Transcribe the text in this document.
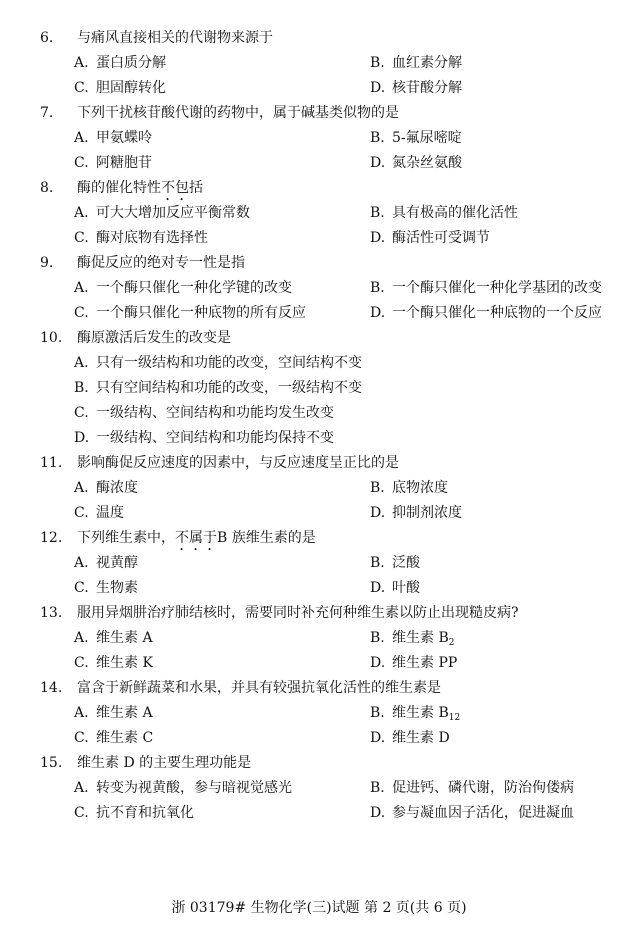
6.	与痛风直接相关的代谢物来源于
A. 蛋白质分解	B. 血红素分解
C. 胆固醇转化	D. 核苷酸分解
7.	下列干扰核苷酸代谢的药物中，属于碱基类似物的是
A. 甲氨蝶呤	B. 5-氟尿嘧啶
C. 阿糖胞苷	D. 氮杂丝氨酸
8.	酶的催化特性不包括
A. 可大大增加反应平衡常数	B. 具有极高的催化活性
C. 酶对底物有选择性	D. 酶活性可受调节
9.	酶促反应的绝对专一性是指
A. 一个酶只催化一种化学键的改变	B. 一个酶只催化一种化学基团的改变
C. 一个酶只催化一种底物的所有反应	D. 一个酶只催化一种底物的一个反应
10.	酶原激活后发生的改变是
A. 只有一级结构和功能的改变，空间结构不变
B. 只有空间结构和功能的改变，一级结构不变
C. 一级结构、空间结构和功能均发生改变
D. 一级结构、空间结构和功能均保持不变
11.	影响酶促反应速度的因素中，与反应速度呈正比的是
A. 酶浓度	B. 底物浓度
C. 温度	D. 抑制剂浓度
12.	下列维生素中，不属于B 族维生素的是
A. 视黄醇	B. 泛酸
C. 生物素	D. 叶酸
13.	服用异烟肼治疗肺结核时，需要同时补充何种维生素以防止出现糙皮病?
A. 维生素 A	B. 维生素 $B_2$
C. 维生素 K	D. 维生素 PP
14.	富含于新鲜蔬菜和水果，并具有较强抗氧化活性的维生素是
A. 维生素 A	B. 维生素 $B_{12}$
C. 维生素 C	D. 维生素 D
15.	维生素 D 的主要生理功能是
A. 转变为视黄酸，参与暗视觉感光	B. 促进钙、磷代谢，防治佝偻病
C. 抗不育和抗氧化	D. 参与凝血因子活化，促进凝血
浙 03179# 生物化学(三)试题 第 2 页(共 6 页)
